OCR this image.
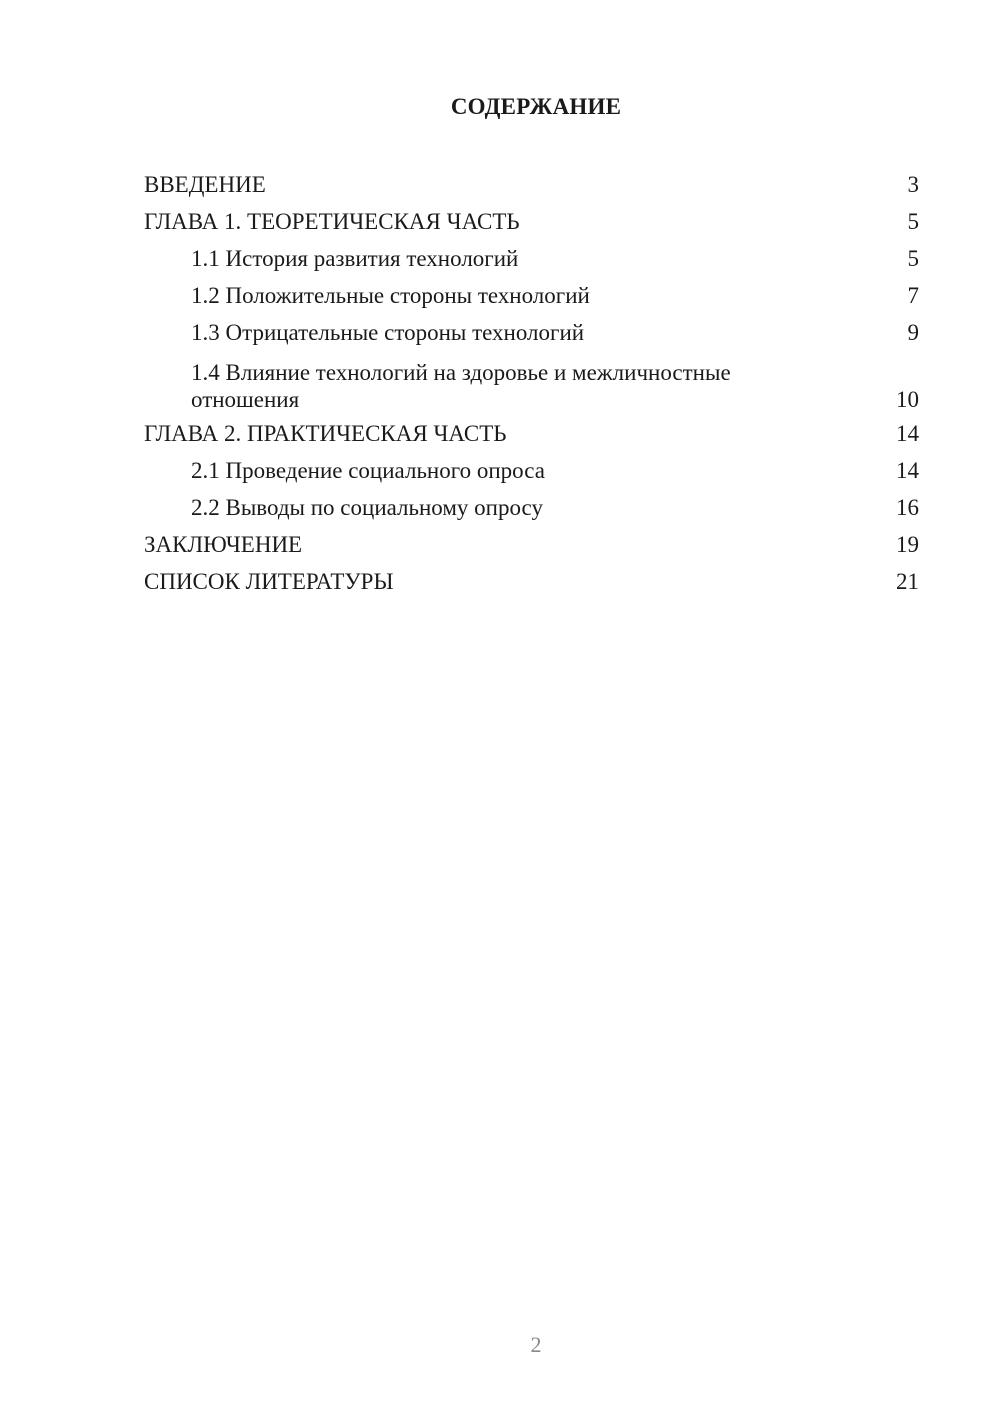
СОДЕРЖАНИЕ
ВВЕДЕНИЕ	3
ГЛАВА 1. ТЕОРЕТИЧЕСКАЯ ЧАСТЬ	5
1.1 История развития технологий	5
1.2 Положительные стороны технологий	7
1.3 Отрицательные стороны технологий	9
1.4 Влияние технологий на здоровье и межличностные отношения	10
ГЛАВА 2. ПРАКТИЧЕСКАЯ ЧАСТЬ	14
2.1 Проведение социального опроса	14
2.2 Выводы по социальному опросу	16
ЗАКЛЮЧЕНИЕ	19
СПИСОК ЛИТЕРАТУРЫ	21
2
